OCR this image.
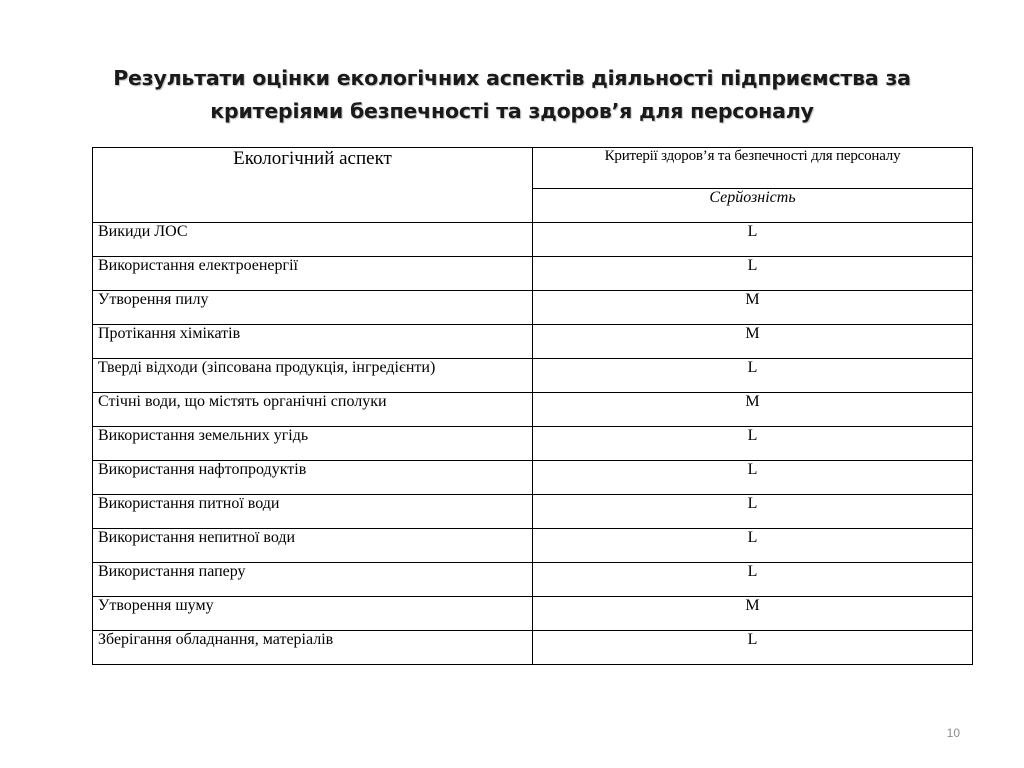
Результати оцінки екологічних аспектів діяльності підприємства за
критеріями безпечності та здоров’я для персоналу
Екологічний аспект	Критерії здоров’я та безпечності для персоналу
	Серйозність
Викиди ЛОС	L
Використання електроенергії	L
Утворення пилу	M
Протікання хімікатів	M
Тверді відходи (зіпсована продукція, інгредієнти)	L
Стічні води, що містять органічні сполуки	M
Використання земельних угідь	L
Використання нафтопродуктів	L
Використання питної води	L
Використання непитної води	L
Використання паперу	L
Утворення шуму	M
Зберігання обладнання, матеріалів	L
10
